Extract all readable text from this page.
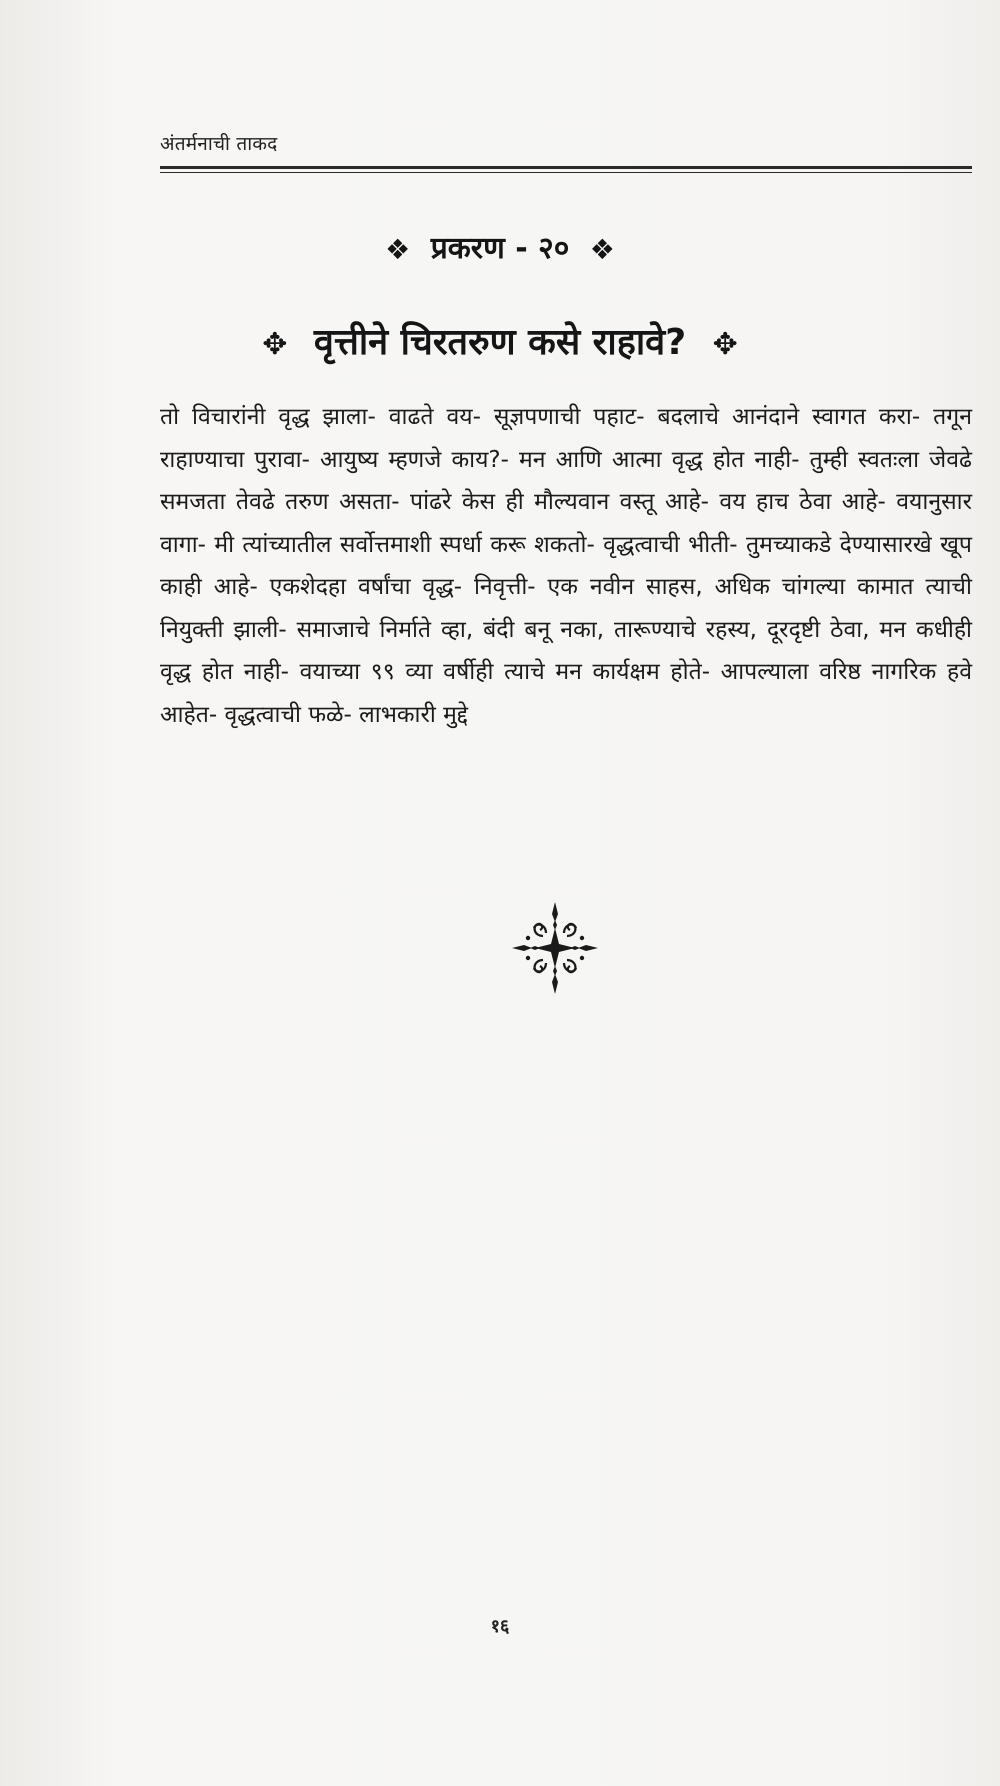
अंतर्मनाची ताकद
❖ प्रकरण - २० ❖
✥ वृत्तीने चिरतरुण कसे राहावे? ✥
तो विचारांनी वृद्ध झाला- वाढते वय- सूज्ञपणाची पहाट- बदलाचे आनंदाने स्वागत करा- तगून राहाण्याचा पुरावा- आयुष्य म्हणजे काय?- मन आणि आत्मा वृद्ध होत नाही- तुम्ही स्वतःला जेवढे समजता तेवढे तरुण असता- पांढरे केस ही मौल्यवान वस्तू आहे- वय हाच ठेवा आहे- वयानुसार वागा- मी त्यांच्यातील सर्वोत्तमाशी स्पर्धा करू शकतो- वृद्धत्वाची भीती- तुमच्याकडे देण्यासारखे खूप काही आहे- एकशेदहा वर्षांचा वृद्ध- निवृत्ती- एक नवीन साहस, अधिक चांगल्या कामात त्याची नियुक्ती झाली- समाजाचे निर्माते व्हा, बंदी बनू नका, तारूण्याचे रहस्य, दूरदृष्टी ठेवा, मन कधीही वृद्ध होत नाही- वयाच्या ९९ व्या वर्षीही त्याचे मन कार्यक्षम होते- आपल्याला वरिष्ठ नागरिक हवे आहेत- वृद्धत्वाची फळे- लाभकारी मुद्दे
१६
